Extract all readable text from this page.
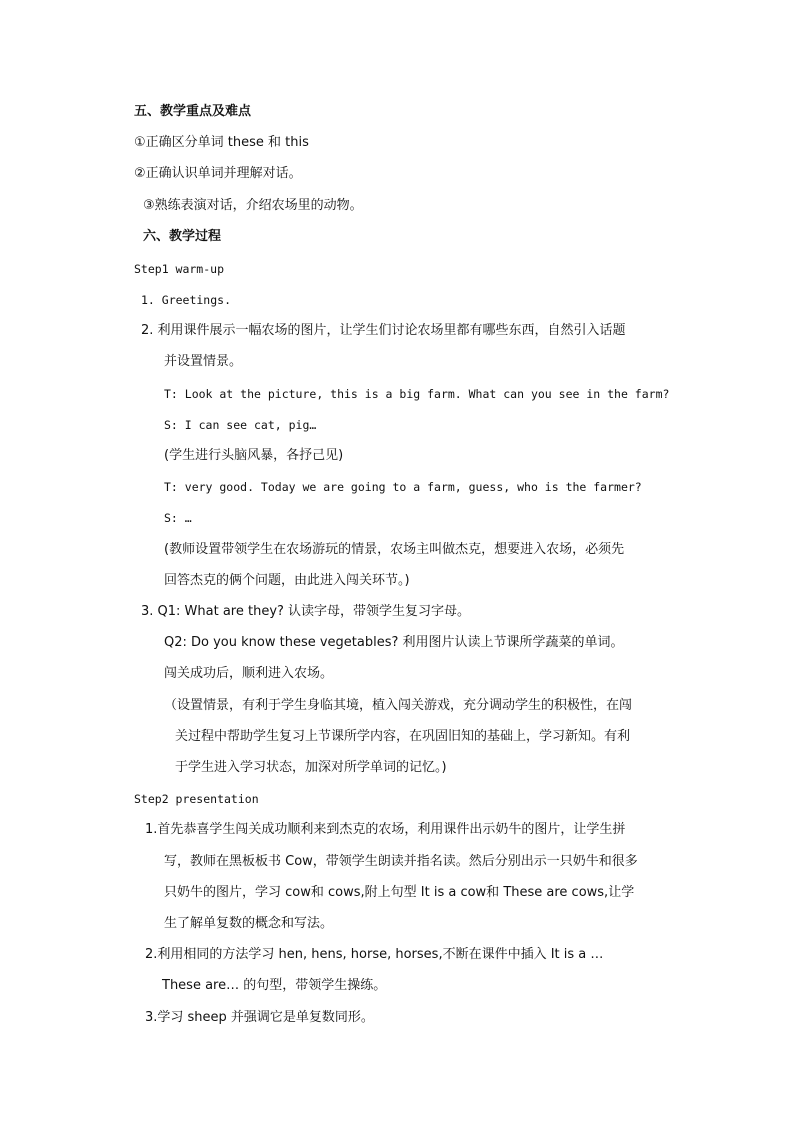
五、教学重点及难点
①正确区分单词 these 和 this
②正确认识单词并理解对话。
③熟练表演对话，介绍农场里的动物。
六、教学过程
Step1 warm-up
1. Greetings.
2. 利用课件展示一幅农场的图片，让学生们讨论农场里都有哪些东西，自然引入话题
并设置情景。
T: Look at the picture, this is a big farm. What can you see in the farm?
S: I can see cat, pig…
(学生进行头脑风暴，各抒己见)
T: very good. Today we are going to a farm, guess, who is the farmer?
S: …
(教师设置带领学生在农场游玩的情景，农场主叫做杰克，想要进入农场，必须先
回答杰克的俩个问题，由此进入闯关环节。)
3. Q1: What are they? 认读字母，带领学生复习字母。
Q2: Do you know these vegetables? 利用图片认读上节课所学蔬菜的单词。
闯关成功后，顺利进入农场。
（设置情景，有利于学生身临其境，植入闯关游戏，充分调动学生的积极性，在闯
关过程中帮助学生复习上节课所学内容，在巩固旧知的基础上，学习新知。有利
于学生进入学习状态，加深对所学单词的记忆。)
Step2 presentation
1.首先恭喜学生闯关成功顺利来到杰克的农场，利用课件出示奶牛的图片，让学生拼
写，教师在黑板板书 Cow，带领学生朗读并指名读。然后分别出示一只奶牛和很多
只奶牛的图片，学习 cow和 cows,附上句型 It is a cow和 These are cows,让学
生了解单复数的概念和写法。
2.利用相同的方法学习 hen, hens, horse, horses,不断在课件中插入 It is a …
These are… 的句型，带领学生操练。
3.学习 sheep 并强调它是单复数同形。
